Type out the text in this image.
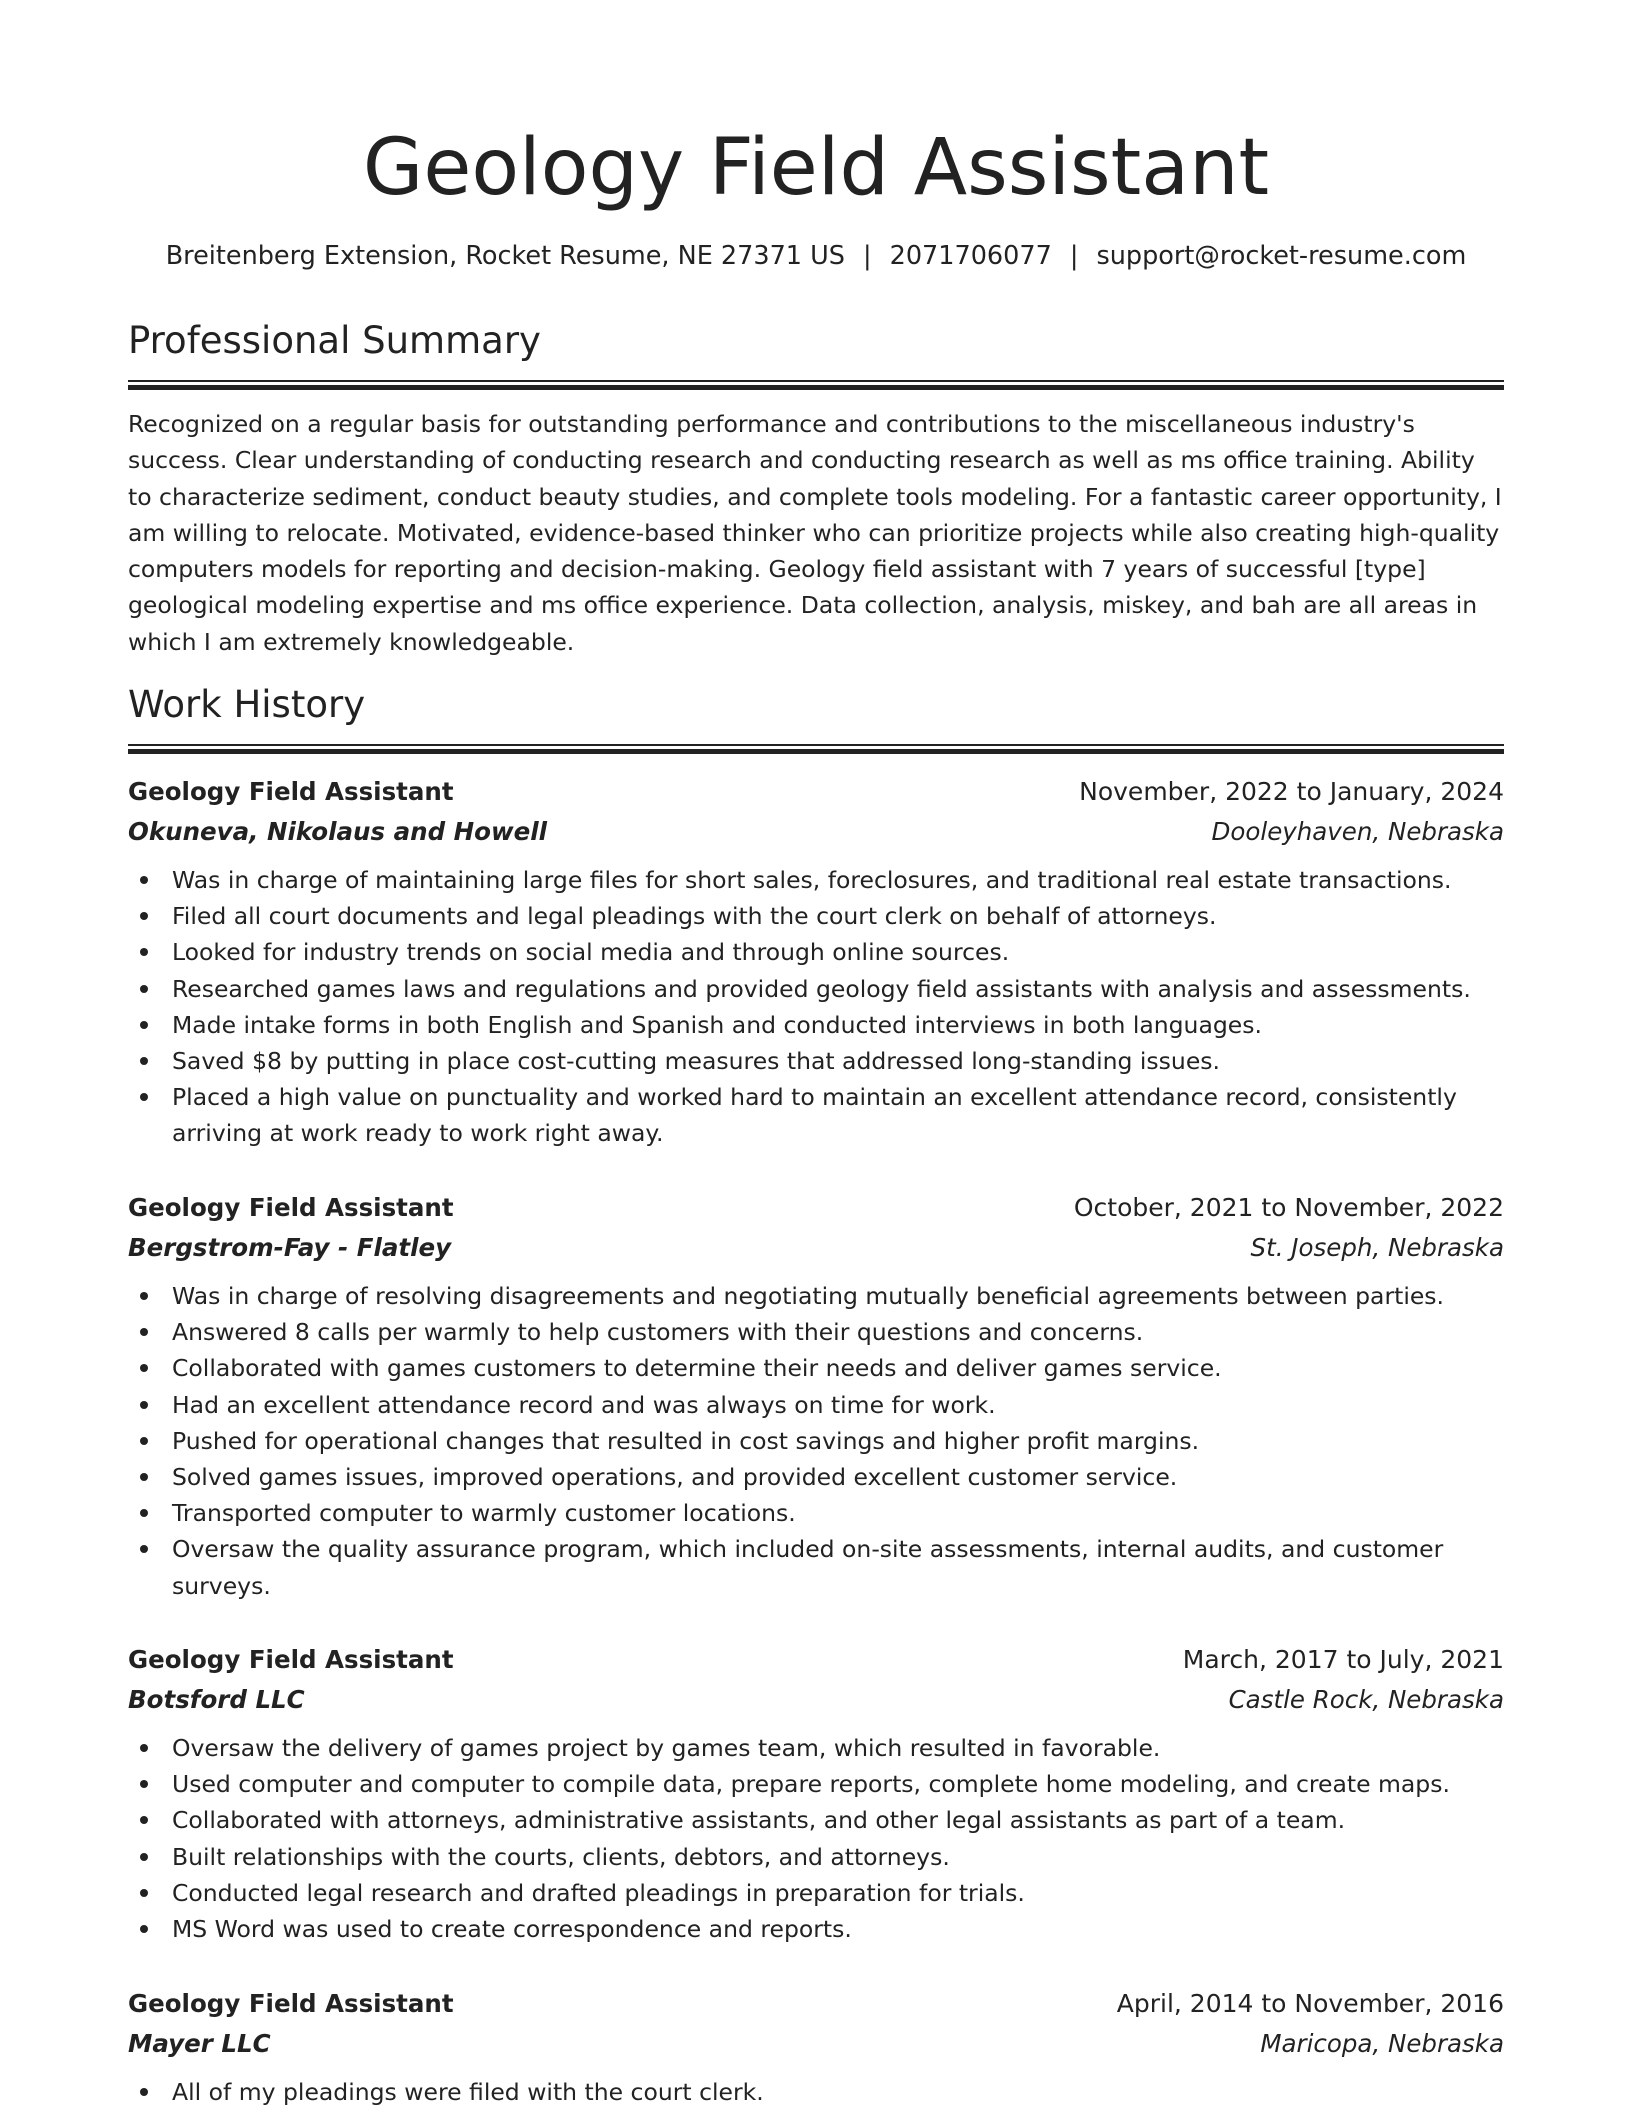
Geology Field Assistant
Breitenberg Extension, Rocket Resume, NE 27371 US | 2071706077 | support@rocket-resume.com
Professional Summary
Recognized on a regular basis for outstanding performance and contributions to the miscellaneous industry's success. Clear understanding of conducting research and conducting research as well as ms office training. Ability to characterize sediment, conduct beauty studies, and complete tools modeling. For a fantastic career opportunity, I am willing to relocate. Motivated, evidence-based thinker who can prioritize projects while also creating high-quality computers models for reporting and decision-making. Geology field assistant with 7 years of successful [type] geological modeling expertise and ms office experience. Data collection, analysis, miskey, and bah are all areas in which I am extremely knowledgeable.
Work History
Geology Field Assistant	November, 2022 to January, 2024
Okuneva, Nikolaus and Howell	Dooleyhaven, Nebraska
Was in charge of maintaining large files for short sales, foreclosures, and traditional real estate transactions.
Filed all court documents and legal pleadings with the court clerk on behalf of attorneys.
Looked for industry trends on social media and through online sources.
Researched games laws and regulations and provided geology field assistants with analysis and assessments.
Made intake forms in both English and Spanish and conducted interviews in both languages.
Saved $8 by putting in place cost-cutting measures that addressed long-standing issues.
Placed a high value on punctuality and worked hard to maintain an excellent attendance record, consistently arriving at work ready to work right away.
Geology Field Assistant	October, 2021 to November, 2022
Bergstrom-Fay - Flatley	St. Joseph, Nebraska
Was in charge of resolving disagreements and negotiating mutually beneficial agreements between parties.
Answered 8 calls per warmly to help customers with their questions and concerns.
Collaborated with games customers to determine their needs and deliver games service.
Had an excellent attendance record and was always on time for work.
Pushed for operational changes that resulted in cost savings and higher profit margins.
Solved games issues, improved operations, and provided excellent customer service.
Transported computer to warmly customer locations.
Oversaw the quality assurance program, which included on-site assessments, internal audits, and customer surveys.
Geology Field Assistant	March, 2017 to July, 2021
Botsford LLC	Castle Rock, Nebraska
Oversaw the delivery of games project by games team, which resulted in favorable.
Used computer and computer to compile data, prepare reports, complete home modeling, and create maps.
Collaborated with attorneys, administrative assistants, and other legal assistants as part of a team.
Built relationships with the courts, clients, debtors, and attorneys.
Conducted legal research and drafted pleadings in preparation for trials.
MS Word was used to create correspondence and reports.
Geology Field Assistant	April, 2014 to November, 2016
Mayer LLC	Maricopa, Nebraska
All of my pleadings were filed with the court clerk.
